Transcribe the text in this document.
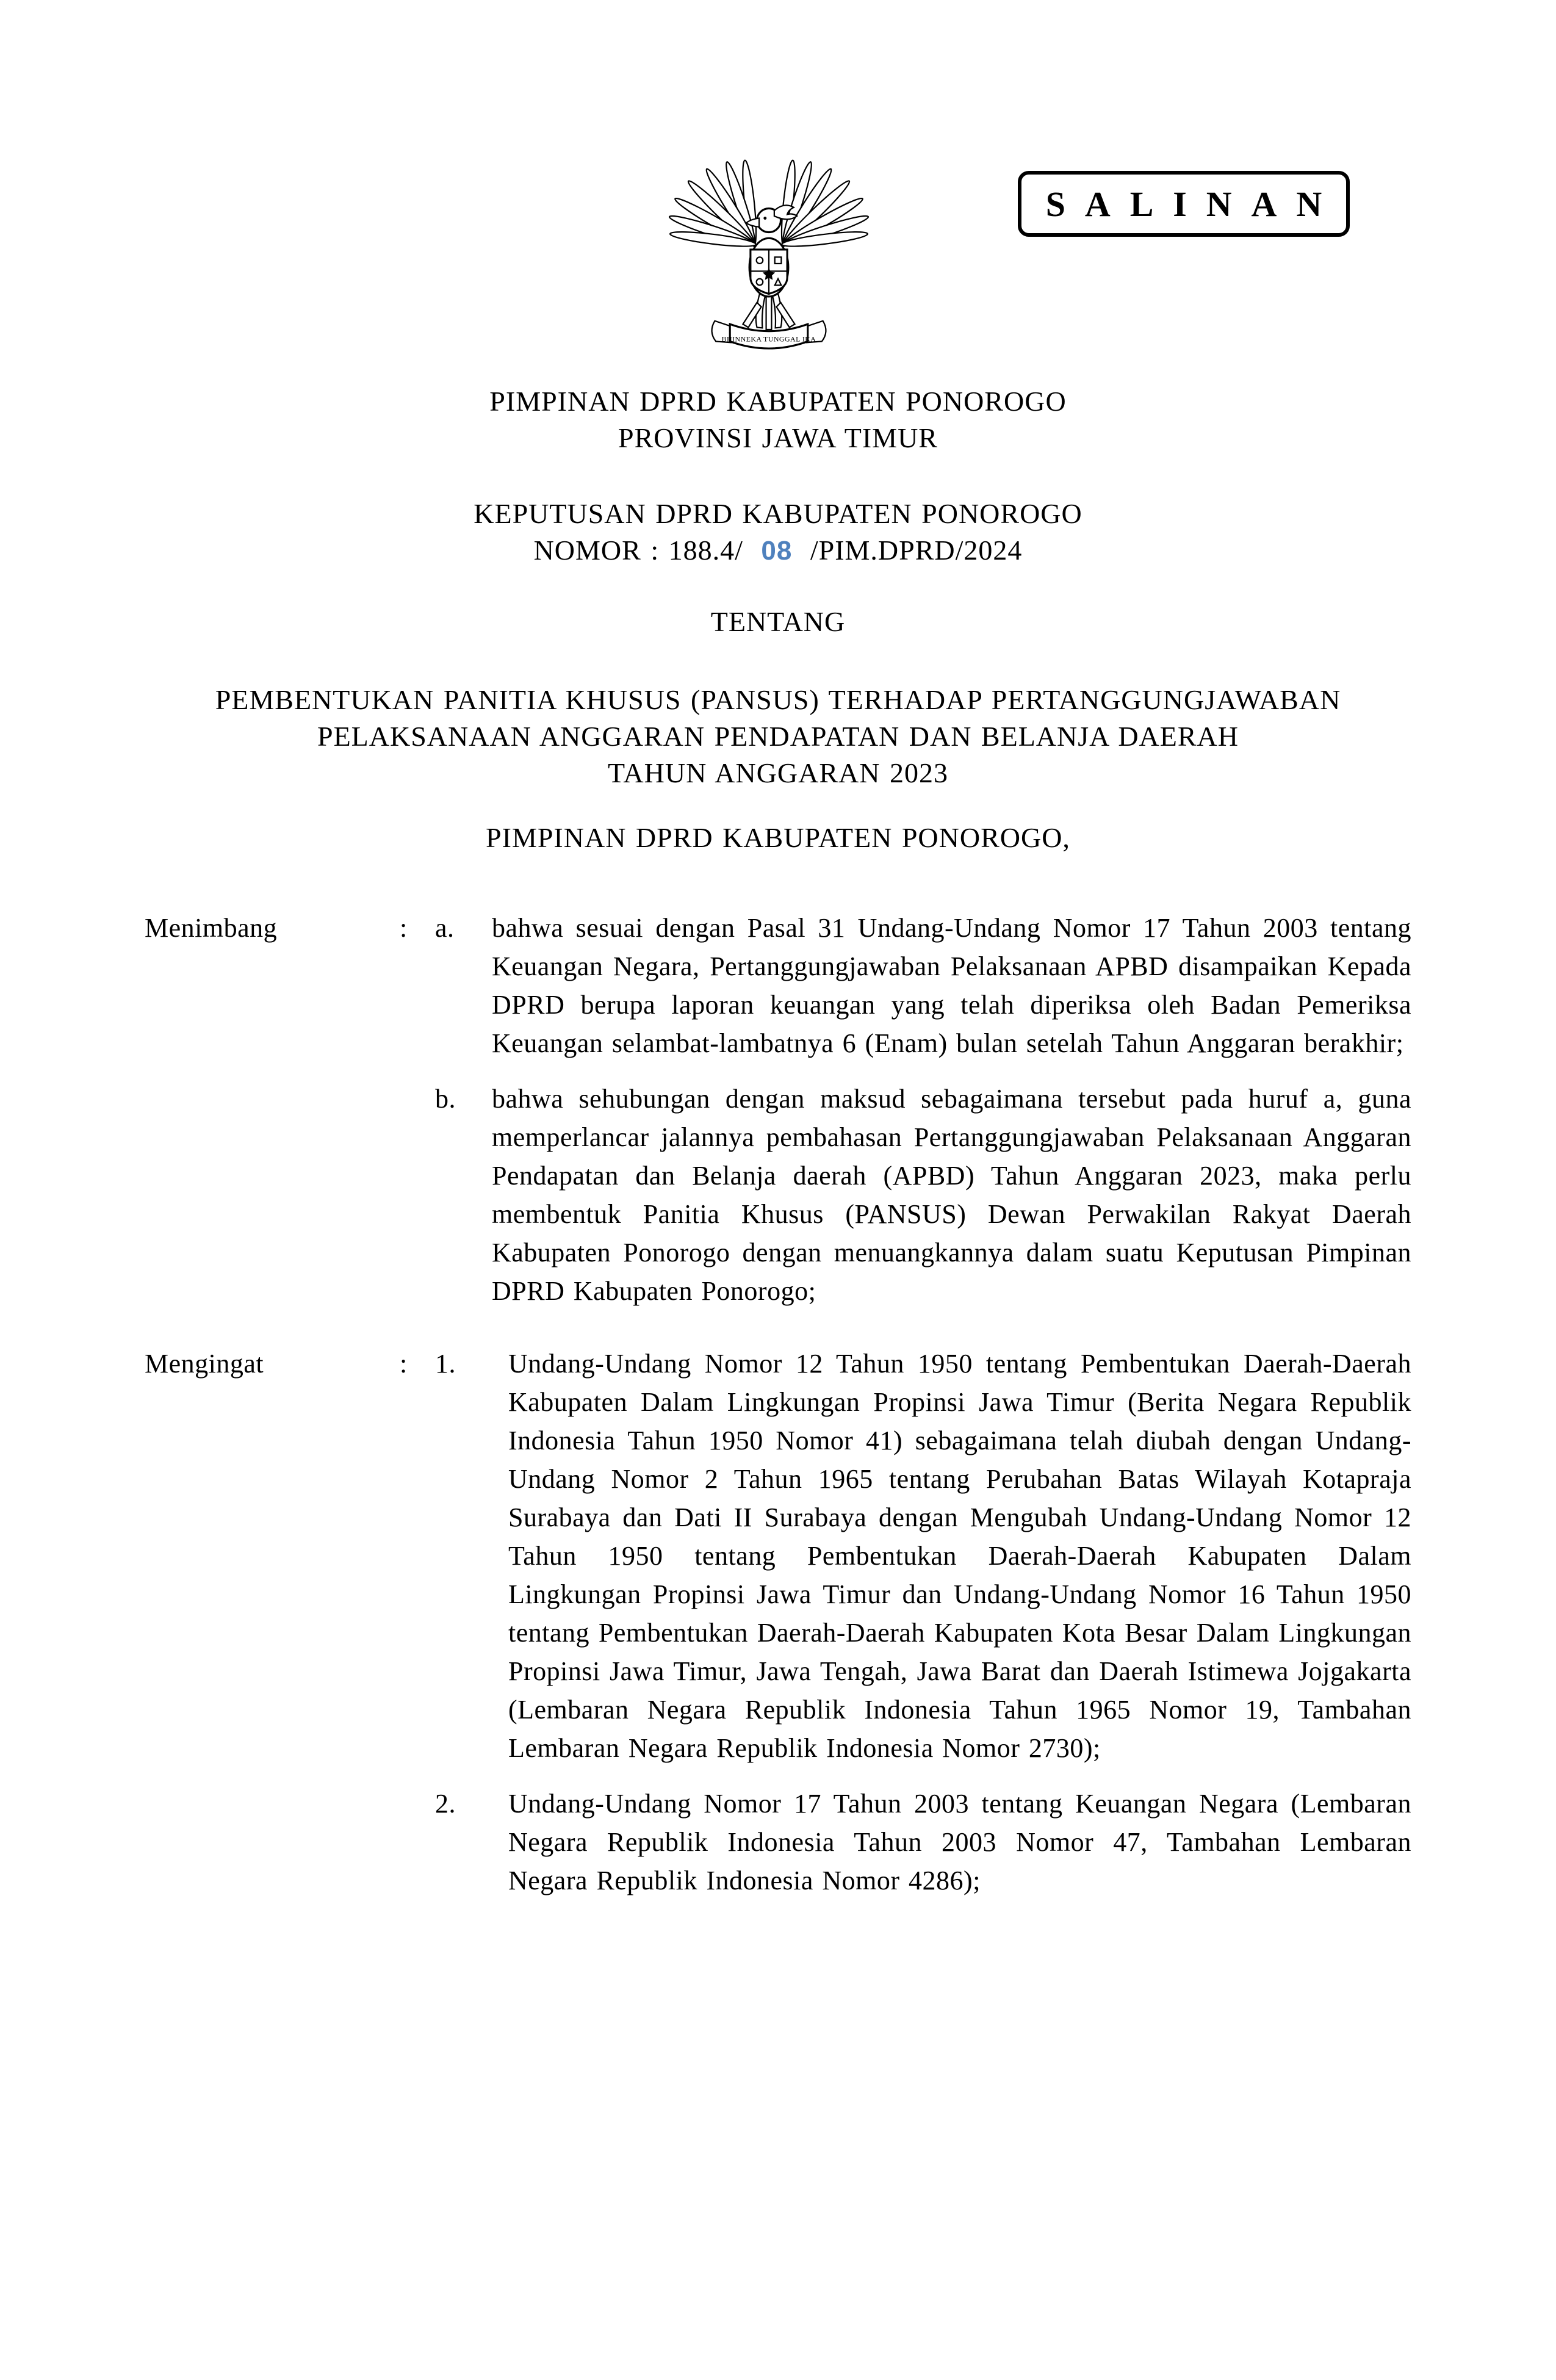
BHINNEKA TUNGGAL IKA
SALINAN
PIMPINAN DPRD KABUPATEN PONOROGO
PROVINSI JAWA TIMUR
KEPUTUSAN DPRD KABUPATEN PONOROGO
NOMOR : 188.4/ 08 /PIM.DPRD/2024
TENTANG
PEMBENTUKAN PANITIA KHUSUS (PANSUS) TERHADAP PERTANGGUNGJAWABAN
PELAKSANAAN ANGGARAN PENDAPATAN DAN BELANJA DAERAH
TAHUN ANGGARAN 2023
PIMPINAN DPRD KABUPATEN PONOROGO,
Menimbang	:	a.	bahwa sesuai dengan Pasal 31 Undang-Undang Nomor 17 Tahun 2003 tentang Keuangan Negara, Pertanggungjawaban Pelaksanaan APBD disampaikan Kepada DPRD berupa laporan keuangan yang telah diperiksa oleh Badan Pemeriksa Keuangan selambat-lambatnya 6 (Enam) bulan setelah Tahun Anggaran berakhir;
b.	bahwa sehubungan dengan maksud sebagaimana tersebut pada huruf a, guna memperlancar jalannya pembahasan Pertanggungjawaban Pelaksanaan Anggaran Pendapatan dan Belanja daerah (APBD) Tahun Anggaran 2023, maka perlu membentuk Panitia Khusus (PANSUS) Dewan Perwakilan Rakyat Daerah Kabupaten Ponorogo dengan menuangkannya dalam suatu Keputusan Pimpinan DPRD Kabupaten Ponorogo;
Mengingat	:	1.	Undang-Undang Nomor 12 Tahun 1950 tentang Pembentukan Daerah-Daerah Kabupaten Dalam Lingkungan Propinsi Jawa Timur (Berita Negara Republik Indonesia Tahun 1950 Nomor 41) sebagaimana telah diubah dengan Undang-Undang Nomor 2 Tahun 1965 tentang Perubahan Batas Wilayah Kotapraja Surabaya dan Dati II Surabaya dengan Mengubah Undang-Undang Nomor 12 Tahun 1950 tentang Pembentukan Daerah-Daerah Kabupaten Dalam Lingkungan Propinsi Jawa Timur dan Undang-Undang Nomor 16 Tahun 1950 tentang Pembentukan Daerah-Daerah Kabupaten Kota Besar Dalam Lingkungan Propinsi Jawa Timur, Jawa Tengah, Jawa Barat dan Daerah Istimewa Jojgakarta (Lembaran Negara Republik Indonesia Tahun 1965 Nomor 19, Tambahan Lembaran Negara Republik Indonesia Nomor 2730);
2.	Undang-Undang Nomor 17 Tahun 2003 tentang Keuangan Negara (Lembaran Negara Republik Indonesia Tahun 2003 Nomor 47, Tambahan Lembaran Negara Republik Indonesia Nomor 4286);
